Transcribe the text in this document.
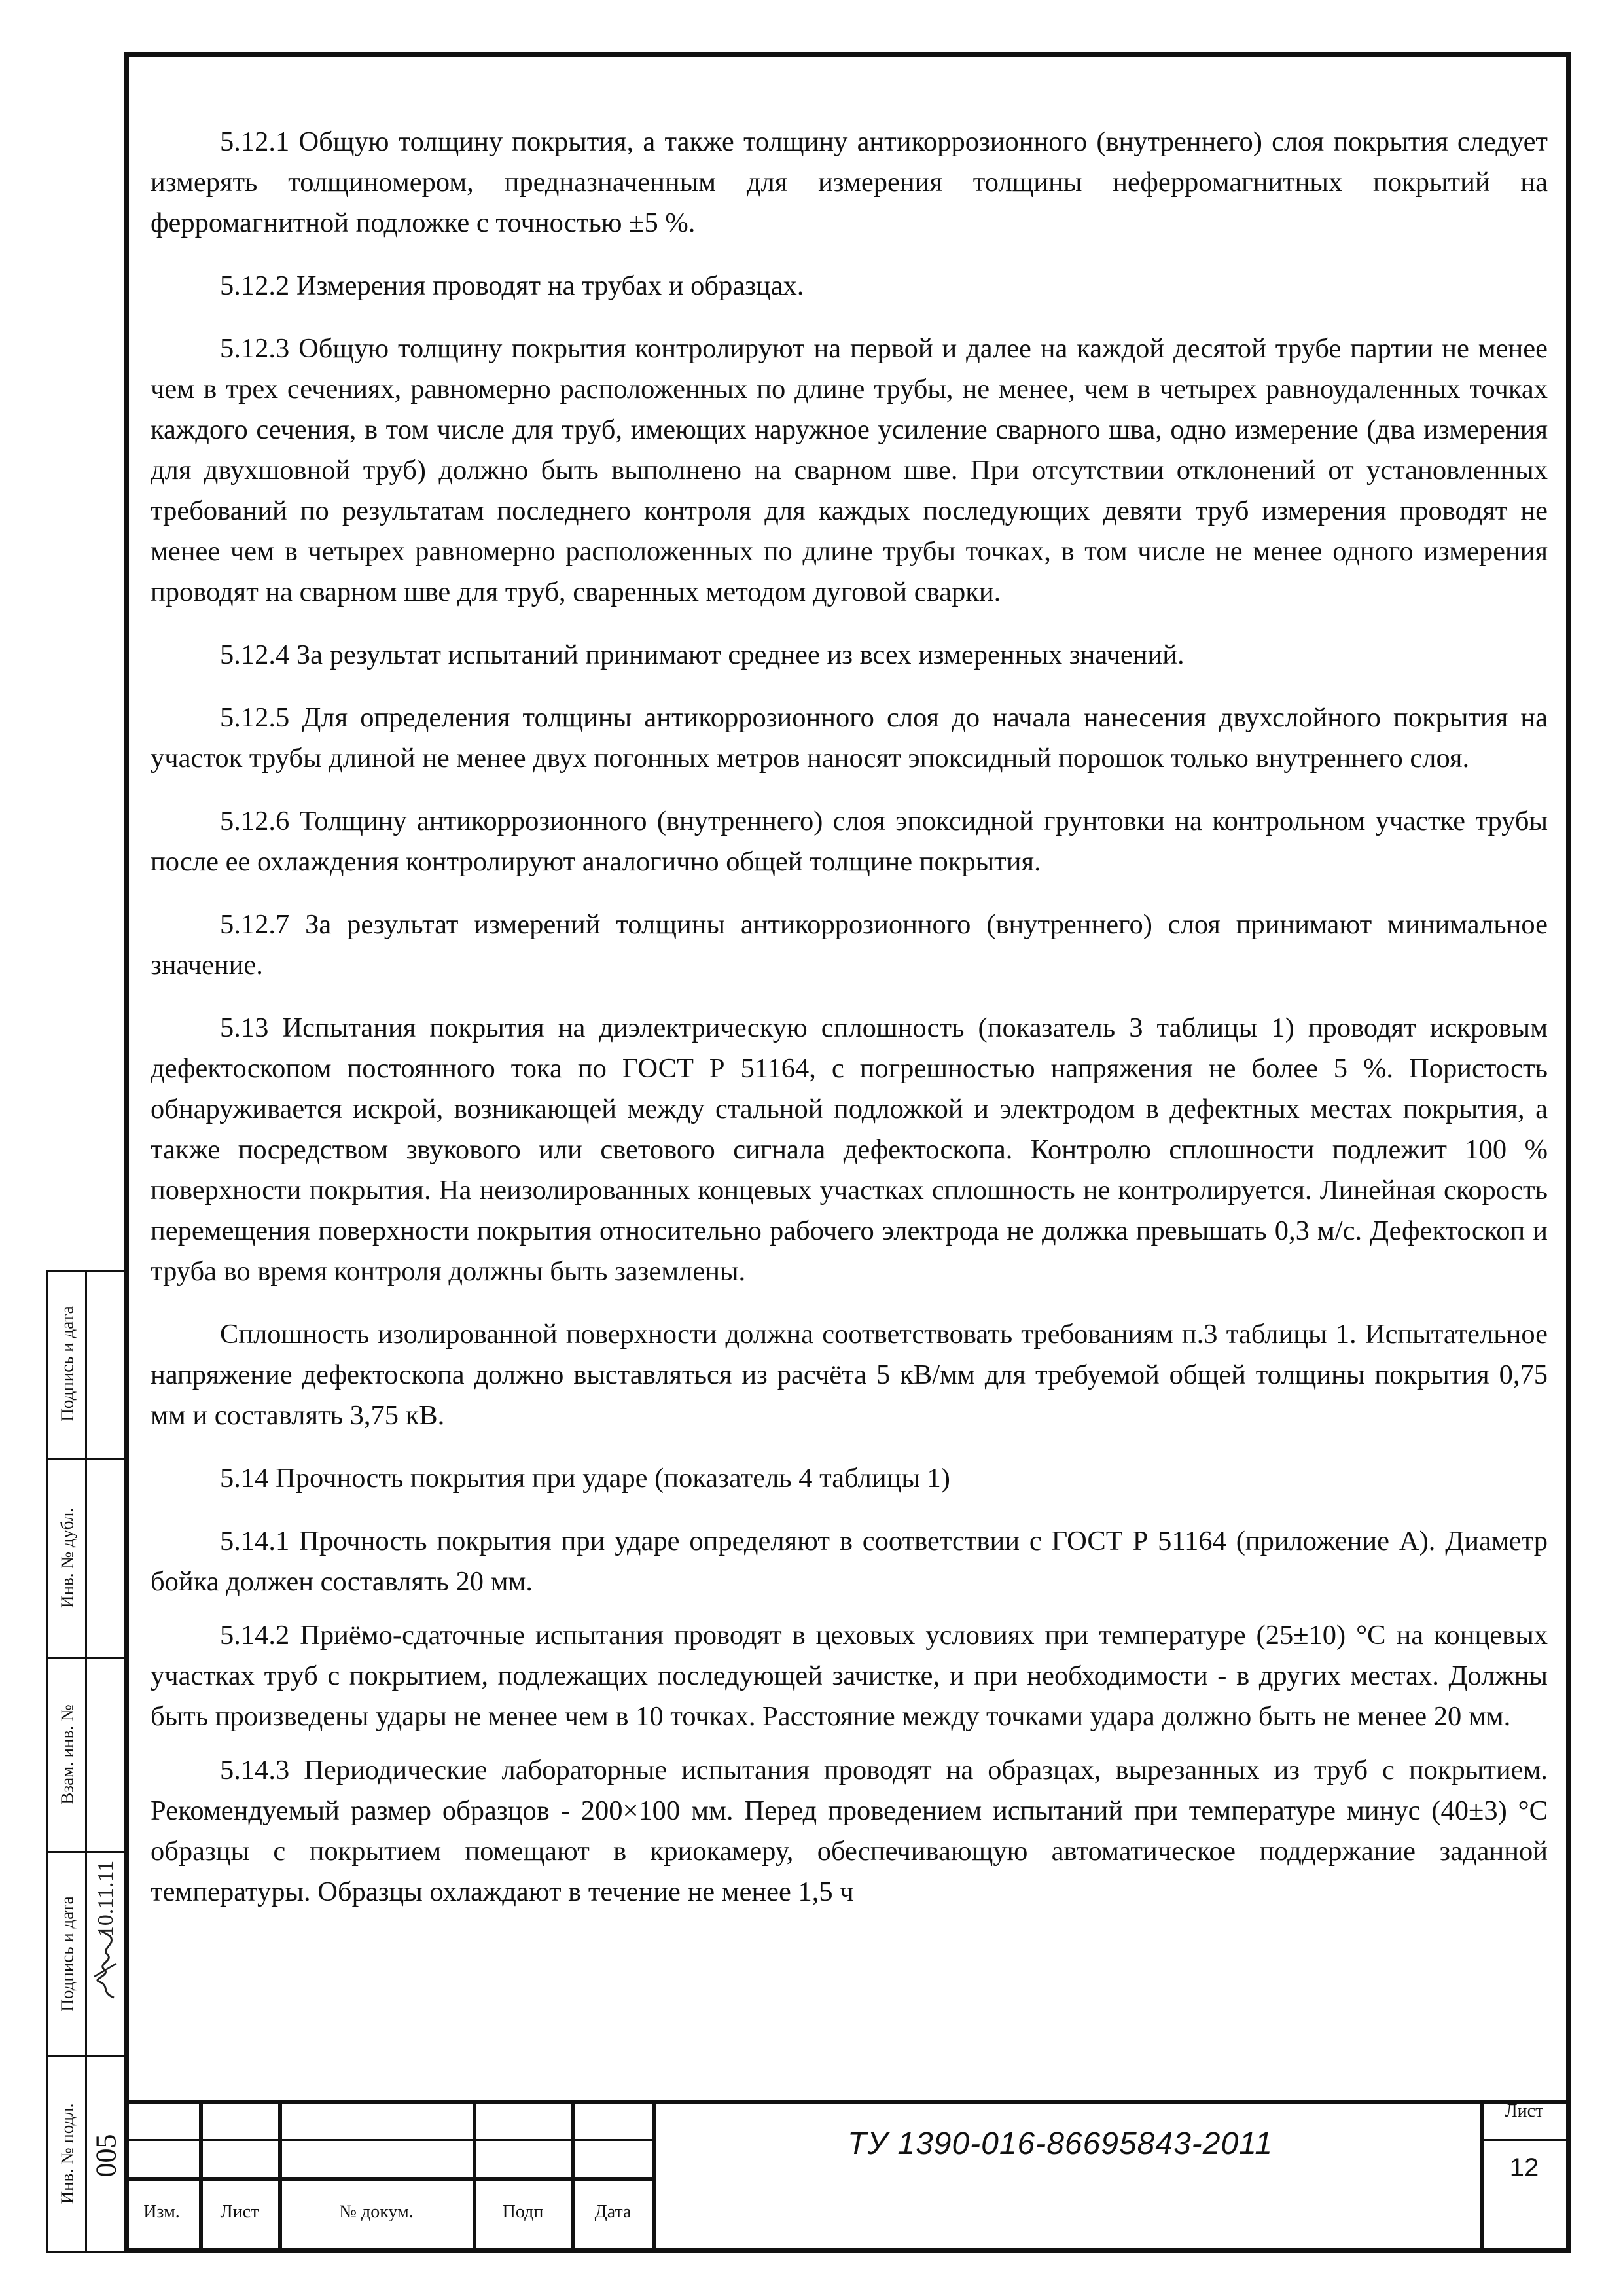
5.12.1 Общую толщину покрытия, а также толщину антикоррозионного (внутреннего) слоя покрытия следует измерять толщиномером, предназначенным для измерения толщины неферромагнитных покрытий на ферромагнитной подложке с точностью ±5 %.

5.12.2 Измерения проводят на трубах и образцах.

5.12.3 Общую толщину покрытия контролируют на первой и далее на каждой десятой трубе партии не менее чем в трех сечениях, равномерно расположенных по длине трубы, не менее, чем в четырех равноудаленных точках каждого сечения, в том числе для труб, имеющих наружное усиление сварного шва, одно измерение (два измерения для двухшовной труб) должно быть выполнено на сварном шве. При отсутствии отклонений от установленных требований по результатам последнего контроля для каждых последующих девяти труб измерения проводят не менее чем в четырех равномерно расположенных по длине трубы точках, в том числе не менее одного измерения проводят на сварном шве для труб, сваренных методом дуговой сварки.

5.12.4 За результат испытаний принимают среднее из всех измеренных значений.

5.12.5 Для определения толщины антикоррозионного слоя до начала нанесения двухслойного покрытия на участок трубы длиной не менее двух погонных метров наносят эпоксидный порошок только внутреннего слоя.

5.12.6 Толщину антикоррозионного (внутреннего) слоя эпоксидной грунтовки на контрольном участке трубы после ее охлаждения контролируют аналогично общей толщине покрытия.

5.12.7 За результат измерений толщины антикоррозионного (внутреннего) слоя принимают минимальное значение.

5.13 Испытания покрытия на диэлектрическую сплошность (показатель 3 таблицы 1) проводят искровым дефектоскопом постоянного тока по ГОСТ Р 51164, с погрешностью напряжения не более 5 %. Пористость обнаруживается искрой, возникающей между стальной подложкой и электродом в дефектных местах покрытия, а также посредством звукового или светового сигнала дефектоскопа. Контролю сплошности подлежит 100 % поверхности покрытия. На неизолированных концевых участках сплошность не контролируется. Линейная скорость перемещения поверхности покрытия относительно рабочего электрода не должка превышать 0,3 м/с. Дефектоскоп и труба во время контроля должны быть заземлены.

Сплошность изолированной поверхности должна соответствовать требованиям п.3 таблицы 1. Испытательное напряжение дефектоскопа должно выставляться из расчёта 5 кВ/мм для требуемой общей толщины покрытия 0,75 мм и составлять 3,75 кВ.

5.14 Прочность покрытия при ударе (показатель 4 таблицы 1)

5.14.1 Прочность покрытия при ударе определяют в соответствии с ГОСТ Р 51164 (приложение А). Диаметр бойка должен составлять 20 мм.

5.14.2 Приёмо-сдаточные испытания проводят в цеховых условиях при температуре (25±10) °С на концевых участках труб с покрытием, подлежащих последующей зачистке, и при необходимости - в других местах. Должны быть произведены удары не менее чем в 10 точках. Расстояние между точками удара должно быть не менее 20 мм.

5.14.3 Периодические лабораторные испытания проводят на образцах, вырезанных из труб с покрытием. Рекомендуемый размер образцов - 200×100 мм. Перед проведением испытаний при температуре минус (40±3) °С образцы с покрытием помещают в криокамеру, обеспечивающую автоматическое поддержание заданной температуры. Образцы охлаждают в течение не менее 1,5 ч

Подпись и дата
Инв. № дубл.
Взам. инв. №
Подпись и дата
Инв. № подл.
10.11.11
005
Изм.	Лист	№ докум.	Подп	Дата
ТУ 1390-016-86695843-2011
Лист
12
